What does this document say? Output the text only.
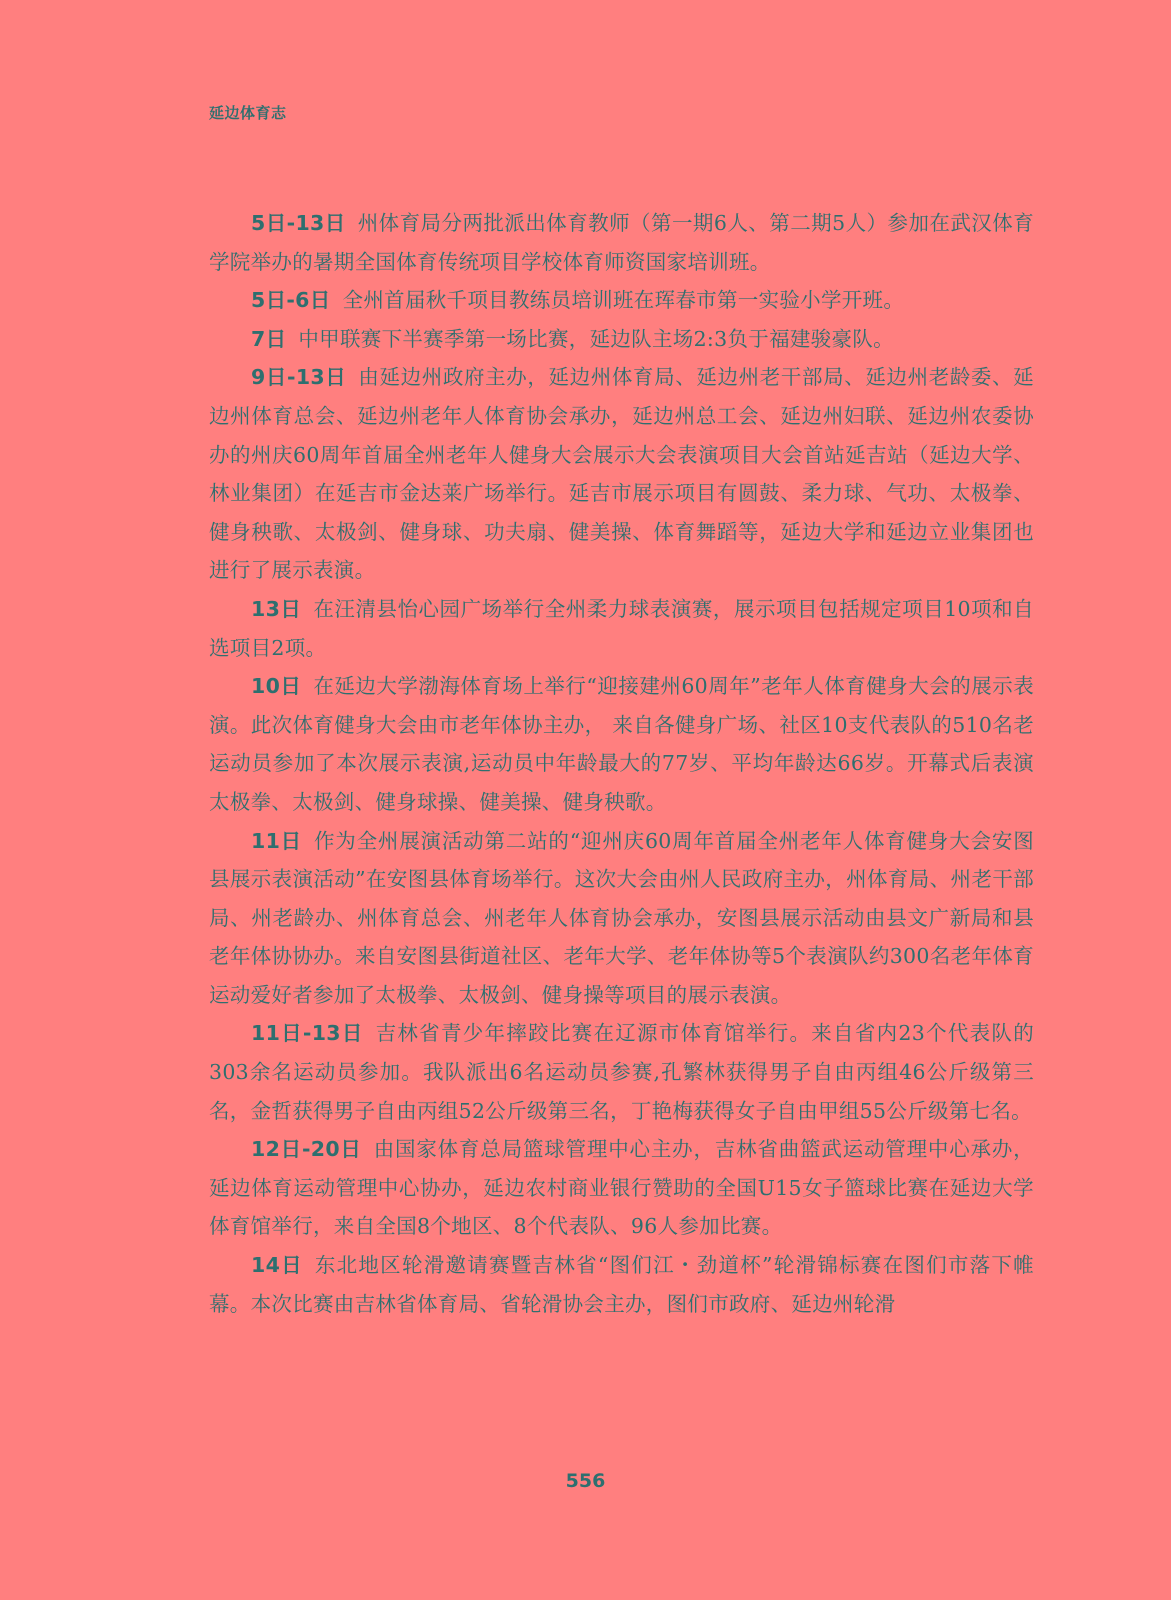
延边体育志

5日-13日 州体育局分两批派出体育教师（第一期6人、第二期5人）参加在武汉体育学院举办的暑期全国体育传统项目学校体育师资国家培训班。

5日-6日 全州首届秋千项目教练员培训班在珲春市第一实验小学开班。

7日 中甲联赛下半赛季第一场比赛，延边队主场2:3负于福建骏豪队。

9日-13日 由延边州政府主办，延边州体育局、延边州老干部局、延边州老龄委、延边州体育总会、延边州老年人体育协会承办，延边州总工会、延边州妇联、延边州农委协办的州庆60周年首届全州老年人健身大会展示大会表演项目大会首站延吉站（延边大学、林业集团）在延吉市金达莱广场举行。延吉市展示项目有圆鼓、柔力球、气功、太极拳、健身秧歌、太极剑、健身球、功夫扇、健美操、体育舞蹈等，延边大学和延边立业集团也进行了展示表演。

13日 在汪清县怡心园广场举行全州柔力球表演赛，展示项目包括规定项目10项和自选项目2项。

10日 在延边大学渤海体育场上举行“迎接建州60周年”老年人体育健身大会的展示表演。此次体育健身大会由市老年体协主办， 来自各健身广场、社区10支代表队的510名老运动员参加了本次展示表演,运动员中年龄最大的77岁、平均年龄达66岁。开幕式后表演太极拳、太极剑、健身球操、健美操、健身秧歌。

11日 作为全州展演活动第二站的“迎州庆60周年首届全州老年人体育健身大会安图县展示表演活动”在安图县体育场举行。这次大会由州人民政府主办，州体育局、州老干部局、州老龄办、州体育总会、州老年人体育协会承办，安图县展示活动由县文广新局和县老年体协协办。来自安图县街道社区、老年大学、老年体协等5个表演队约300名老年体育运动爱好者参加了太极拳、太极剑、健身操等项目的展示表演。

11日-13日 吉林省青少年摔跤比赛在辽源市体育馆举行。来自省内23个代表队的303余名运动员参加。我队派出6名运动员参赛,孔繁林获得男子自由丙组46公斤级第三名，金哲获得男子自由丙组52公斤级第三名，丁艳梅获得女子自由甲组55公斤级第七名。

12日-20日 由国家体育总局篮球管理中心主办，吉林省曲篮武运动管理中心承办，延边体育运动管理中心协办，延边农村商业银行赞助的全国U15女子篮球比赛在延边大学体育馆举行，来自全国8个地区、8个代表队、96人参加比赛。

14日 东北地区轮滑邀请赛暨吉林省“图们江・劲道杯”轮滑锦标赛在图们市落下帷幕。本次比赛由吉林省体育局、省轮滑协会主办，图们市政府、延边州轮滑

556
